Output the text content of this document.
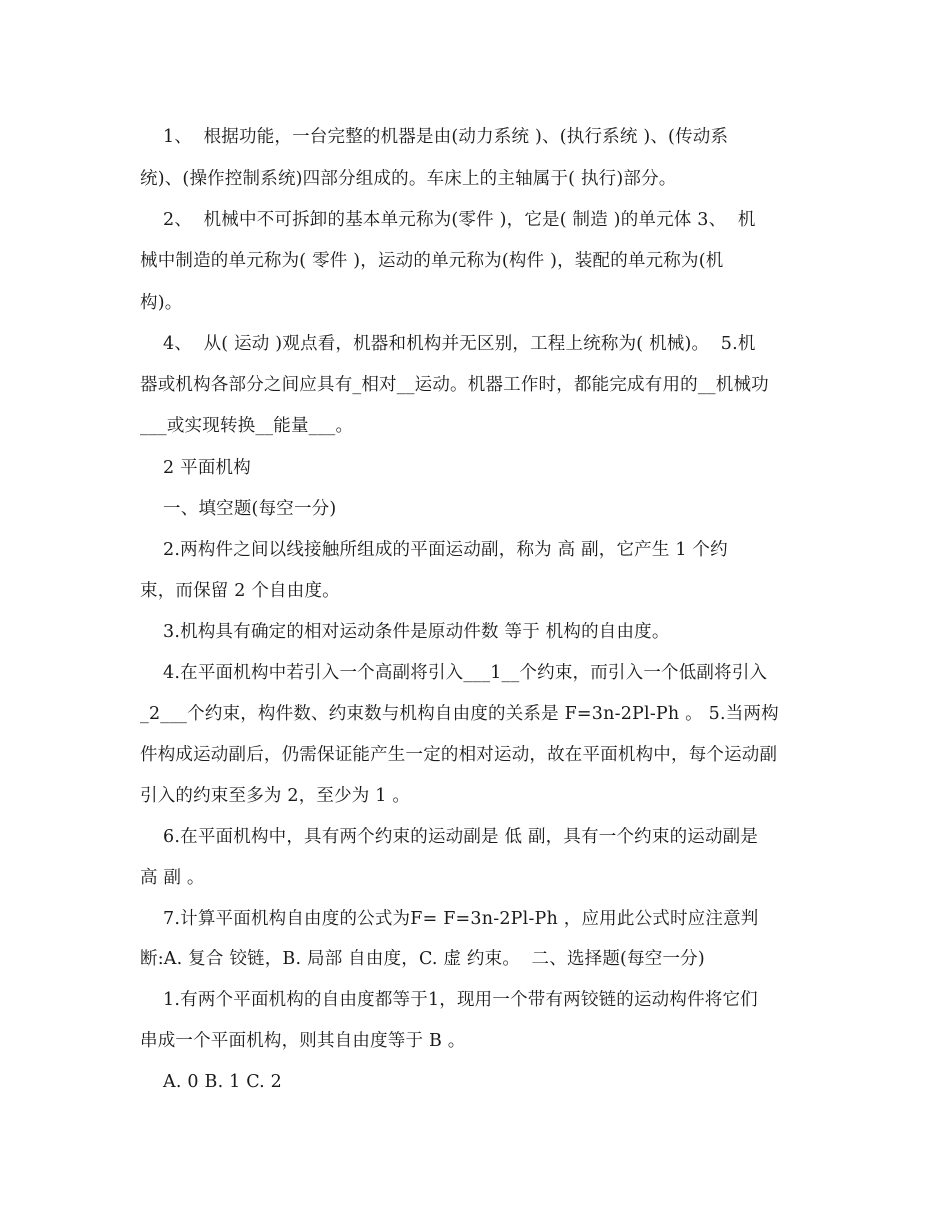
1、  根据功能，一台完整的机器是由(动力系统 )、(执行系统 )、(传动系
统)、(操作控制系统)四部分组成的。车床上的主轴属于( 执行)部分。
2、  机械中不可拆卸的基本单元称为(零件 )，它是( 制造 )的单元体 3、  机
械中制造的单元称为( 零件 )，运动的单元称为(构件 )，装配的单元称为(机
构)。
4、  从( 运动 )观点看，机器和机构并无区别，工程上统称为( 机械)。  5.机
器或机构各部分之间应具有_相对__运动。机器工作时，都能完成有用的__机械功
___或实现转换__能量___。
2 平面机构
一、填空题(每空一分)
2.两构件之间以线接触所组成的平面运动副，称为 高 副，它产生 1 个约
束，而保留 2 个自由度。
3.机构具有确定的相对运动条件是原动件数 等于 机构的自由度。
4.在平面机构中若引入一个高副将引入___1__个约束，而引入一个低副将引入
_2___个约束，构件数、约束数与机构自由度的关系是 F=3n-2Pl-Ph 。 5.当两构
件构成运动副后，仍需保证能产生一定的相对运动，故在平面机构中，每个运动副
引入的约束至多为 2，至少为 1 。
6.在平面机构中，具有两个约束的运动副是 低 副，具有一个约束的运动副是
高 副 。
7.计算平面机构自由度的公式为F= F=3n-2Pl-Ph ，应用此公式时应注意判
断:A. 复合 铰链，B. 局部 自由度，C. 虚 约束。  二、选择题(每空一分)
1.有两个平面机构的自由度都等于1，现用一个带有两铰链的运动构件将它们
串成一个平面机构，则其自由度等于 B 。
A. 0 B. 1 C. 2
